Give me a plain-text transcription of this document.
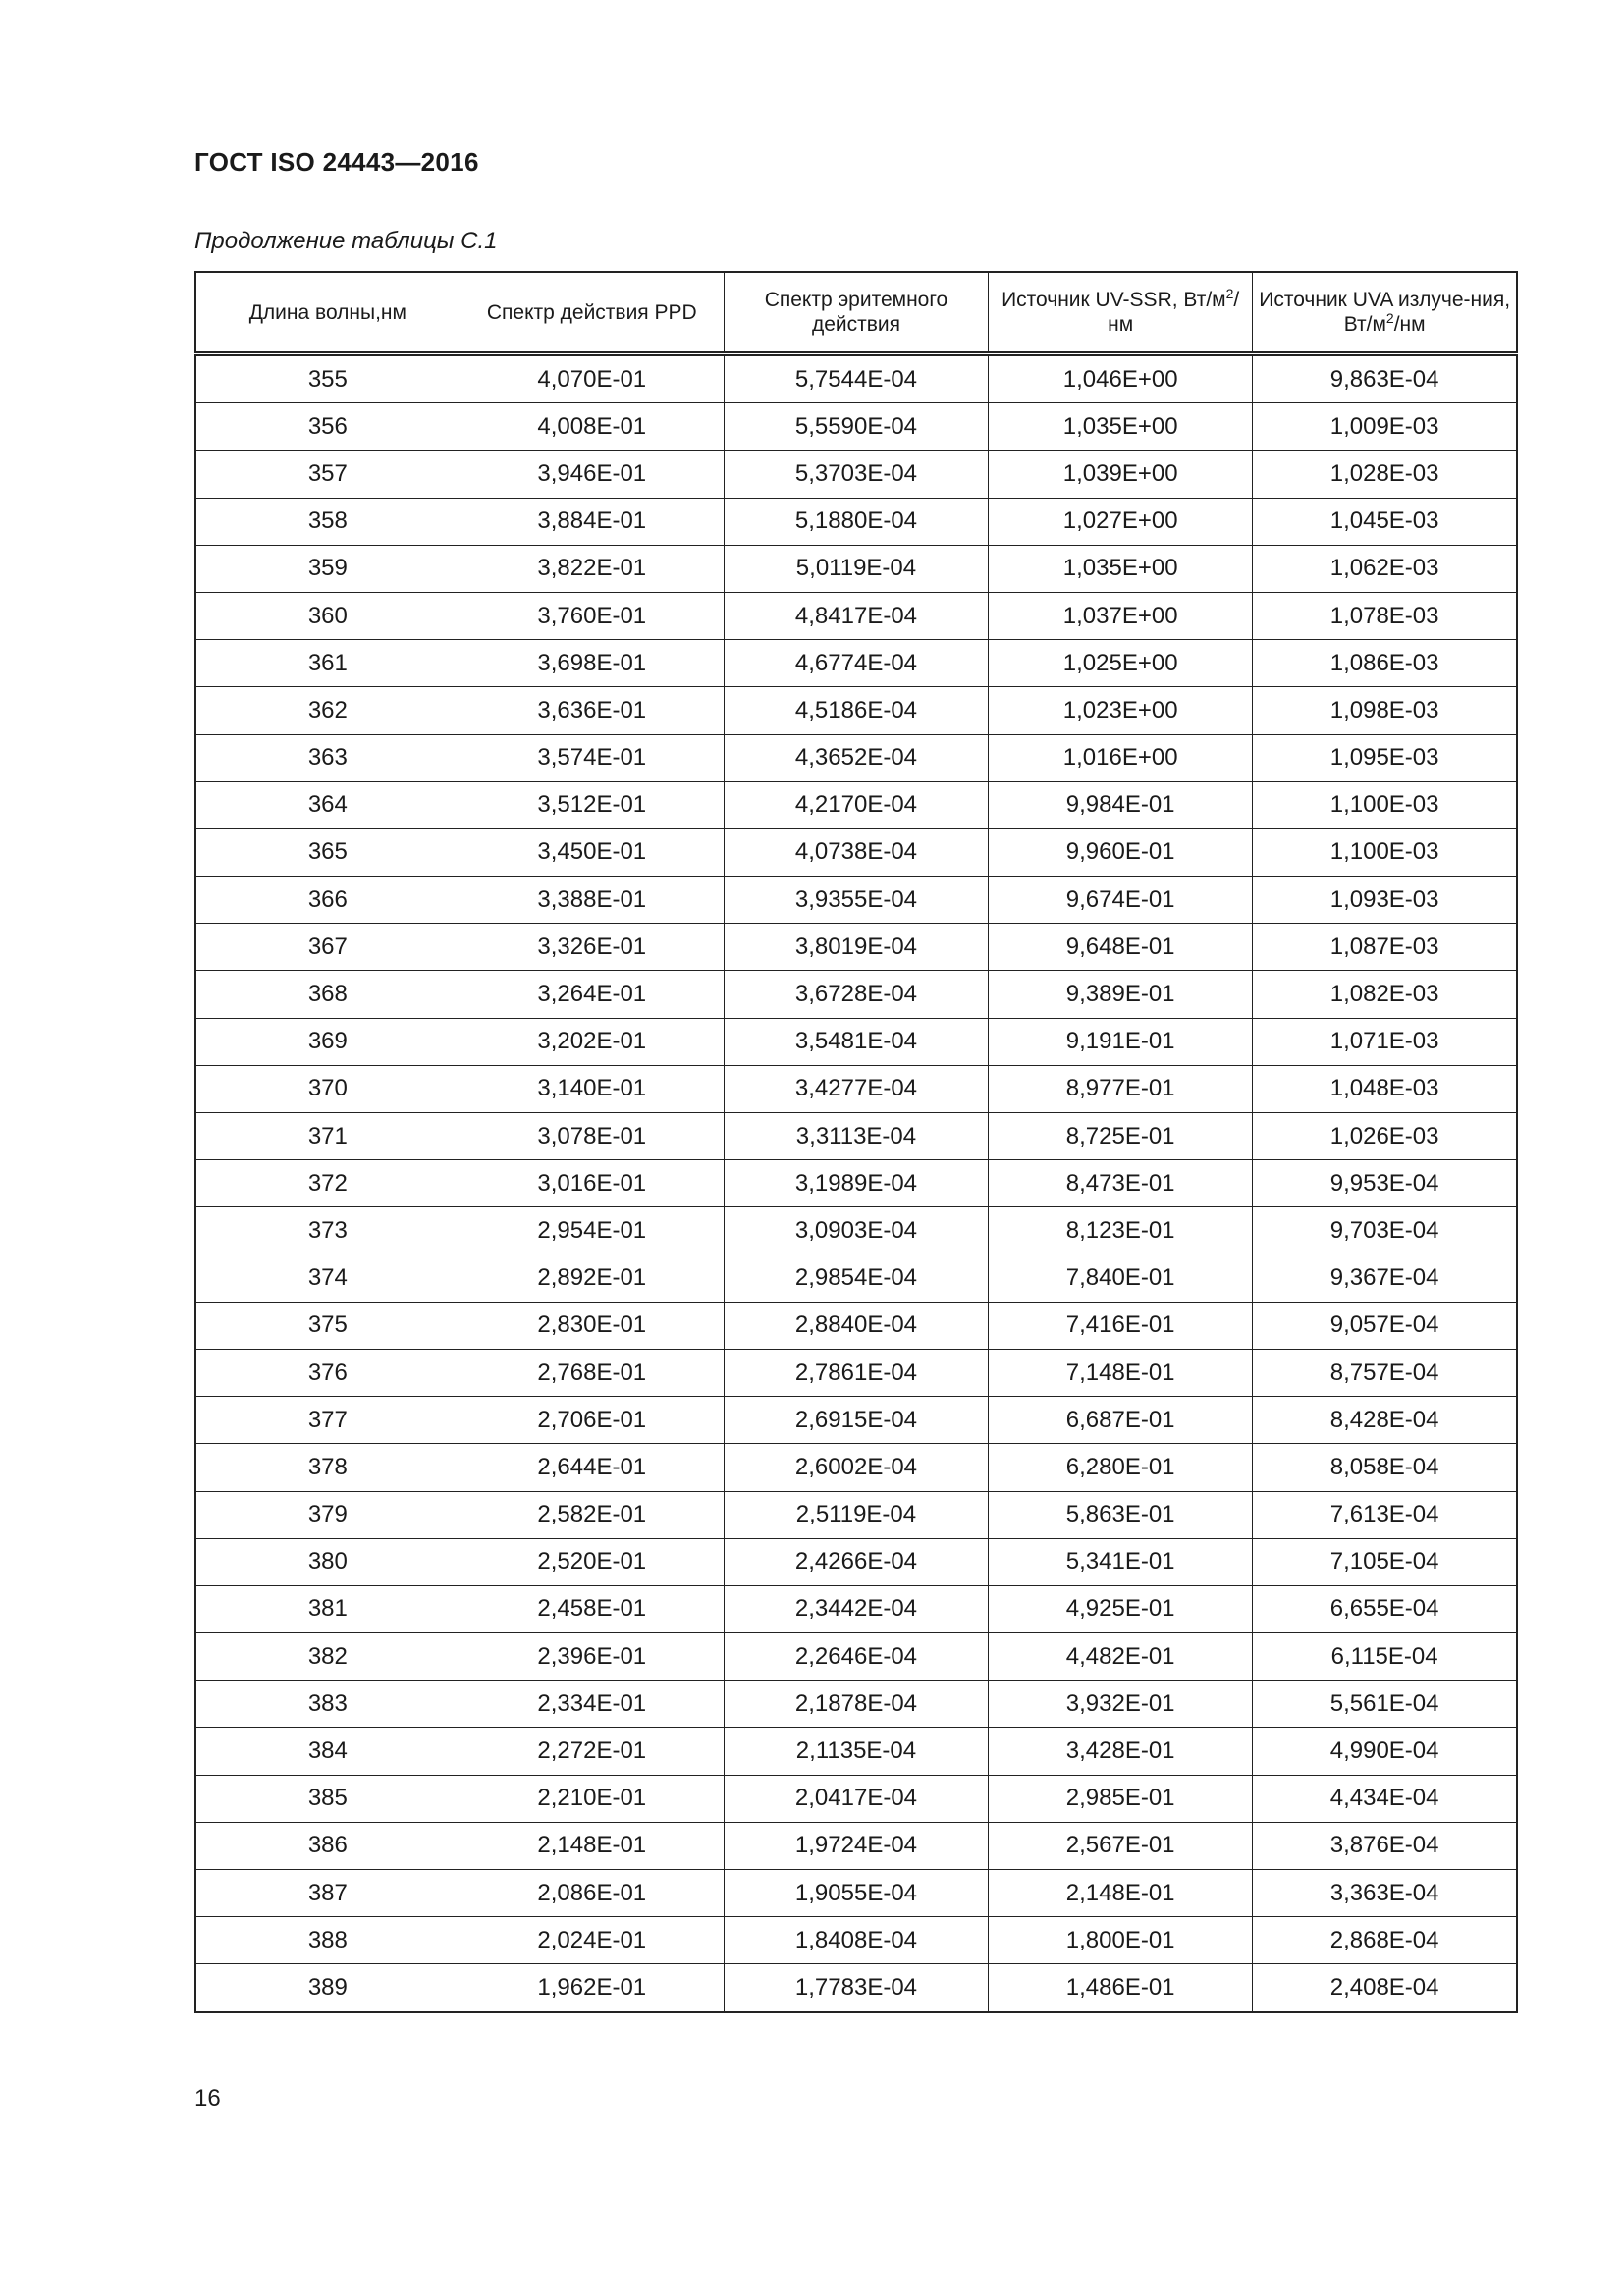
ГОСТ ISO 24443—2016
Продолжение таблицы С.1
Длина волны,нм	Спектр действия PPD	Спектр эритемного действия	Источник UV-SSR, $Вт/м^2/нм$	Источник UVA излуче-ния, $Вт/м^2/нм$
355	4,070E-01	5,7544E-04	1,046E+00	9,863E-04
356	4,008E-01	5,5590E-04	1,035E+00	1,009E-03
357	3,946E-01	5,3703E-04	1,039E+00	1,028E-03
358	3,884E-01	5,1880E-04	1,027E+00	1,045E-03
359	3,822E-01	5,0119E-04	1,035E+00	1,062E-03
360	3,760E-01	4,8417E-04	1,037E+00	1,078E-03
361	3,698E-01	4,6774E-04	1,025E+00	1,086E-03
362	3,636E-01	4,5186E-04	1,023E+00	1,098E-03
363	3,574E-01	4,3652E-04	1,016E+00	1,095E-03
364	3,512E-01	4,2170E-04	9,984E-01	1,100E-03
365	3,450E-01	4,0738E-04	9,960E-01	1,100E-03
366	3,388E-01	3,9355E-04	9,674E-01	1,093E-03
367	3,326E-01	3,8019E-04	9,648E-01	1,087E-03
368	3,264E-01	3,6728E-04	9,389E-01	1,082E-03
369	3,202E-01	3,5481E-04	9,191E-01	1,071E-03
370	3,140E-01	3,4277E-04	8,977E-01	1,048E-03
371	3,078E-01	3,3113E-04	8,725E-01	1,026E-03
372	3,016E-01	3,1989E-04	8,473E-01	9,953E-04
373	2,954E-01	3,0903E-04	8,123E-01	9,703E-04
374	2,892E-01	2,9854E-04	7,840E-01	9,367E-04
375	2,830E-01	2,8840E-04	7,416E-01	9,057E-04
376	2,768E-01	2,7861E-04	7,148E-01	8,757E-04
377	2,706E-01	2,6915E-04	6,687E-01	8,428E-04
378	2,644E-01	2,6002E-04	6,280E-01	8,058E-04
379	2,582E-01	2,5119E-04	5,863E-01	7,613E-04
380	2,520E-01	2,4266E-04	5,341E-01	7,105E-04
381	2,458E-01	2,3442E-04	4,925E-01	6,655E-04
382	2,396E-01	2,2646E-04	4,482E-01	6,115E-04
383	2,334E-01	2,1878E-04	3,932E-01	5,561E-04
384	2,272E-01	2,1135E-04	3,428E-01	4,990E-04
385	2,210E-01	2,0417E-04	2,985E-01	4,434E-04
386	2,148E-01	1,9724E-04	2,567E-01	3,876E-04
387	2,086E-01	1,9055E-04	2,148E-01	3,363E-04
388	2,024E-01	1,8408E-04	1,800E-01	2,868E-04
389	1,962E-01	1,7783E-04	1,486E-01	2,408E-04
16
